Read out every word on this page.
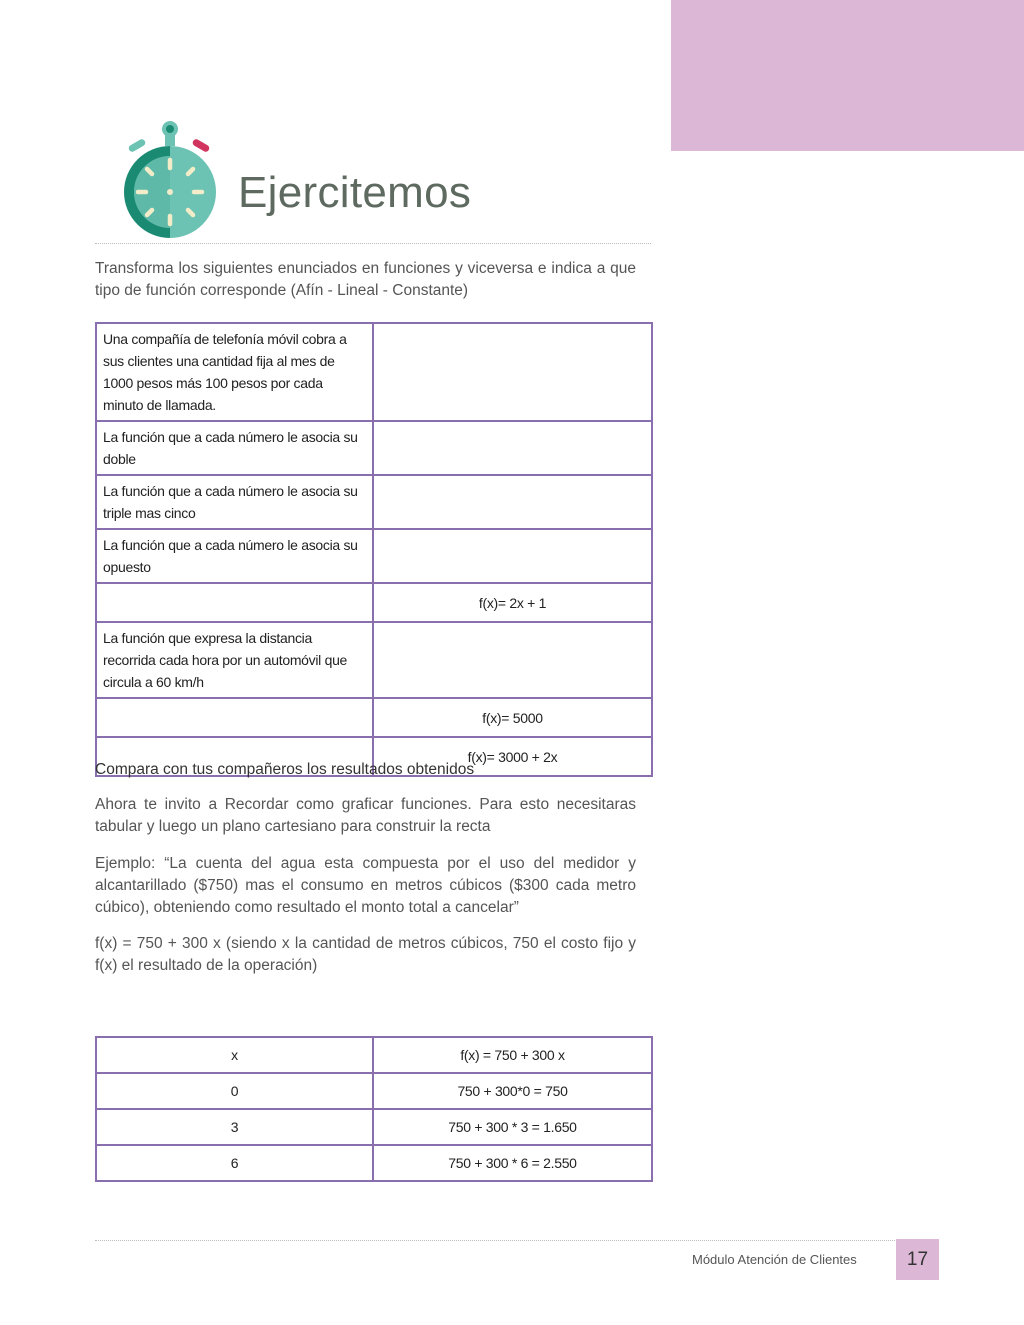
Ejercitemos

Transforma los siguientes enunciados en funciones y viceversa e indica a que tipo de función corresponde (Afín - Lineal - Constante)

Una compañía de telefonía móvil cobra a sus clientes una cantidad fija al mes de 1000 pesos más 100 pesos por cada minuto de llamada.	
La función que a cada número le asocia su doble	
La función que a cada número le asocia su triple mas cinco	
La función que a cada número le asocia su opuesto	
	f(x)= 2x + 1
La función que expresa la distancia recorrida cada hora por un automóvil que circula a 60 km/h	
	f(x)= 5000
	f(x)= 3000 + 2x

Compara con tus compañeros los resultados obtenidos

Ahora te invito a Recordar como graficar funciones. Para esto necesitaras tabular y luego un plano cartesiano para construir la recta

Ejemplo: “La cuenta del agua esta compuesta por el uso del medidor y alcantarillado ($750) mas el consumo en metros cúbicos ($300 cada metro cúbico), obteniendo como resultado el monto total a cancelar”

f(x) = 750 + 300 x (siendo x la cantidad de metros cúbicos, 750 el costo fijo y f(x) el resultado de la operación)

x	f(x) = 750 + 300 x
0	750 + 300*0 = 750
3	750 + 300 * 3 = 1.650
6	750 + 300 * 6 = 2.550
Módulo Atención de Clientes	17
